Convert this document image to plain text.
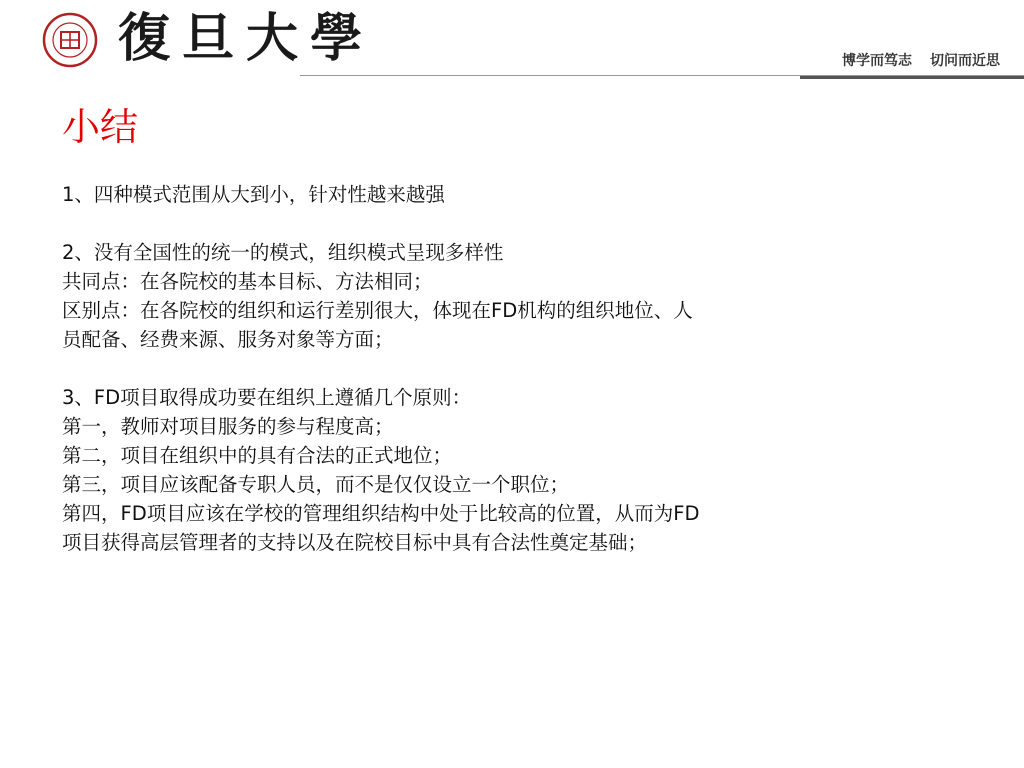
復旦大學	博学而笃志 切问而近思
小结

1、四种模式范围从大到小，针对性越来越强

2、没有全国性的统一的模式，组织模式呈现多样性

共同点：在各院校的基本目标、方法相同；

区别点：在各院校的组织和运行差别很大，体现在FD机构的组织地位、人

员配备、经费来源、服务对象等方面；

3、FD项目取得成功要在组织上遵循几个原则：

第一，教师对项目服务的参与程度高；

第二，项目在组织中的具有合法的正式地位；

第三，项目应该配备专职人员，而不是仅仅设立一个职位；

第四，FD项目应该在学校的管理组织结构中处于比较高的位置，从而为FD

项目获得高层管理者的支持以及在院校目标中具有合法性奠定基础；
